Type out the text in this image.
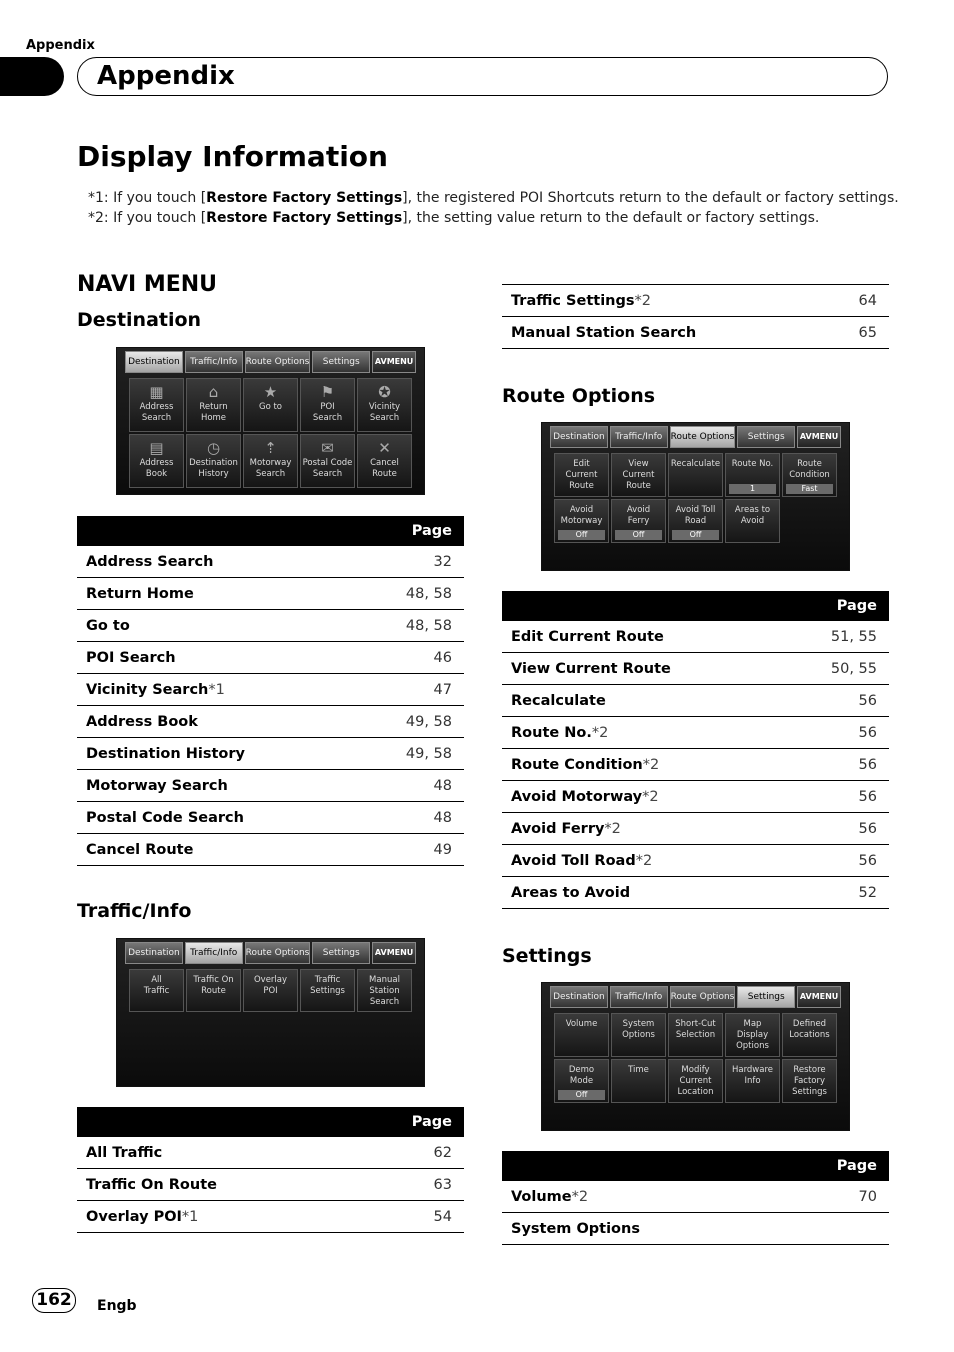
Appendix
Appendix
Display Information
*1: If you touch [Restore Factory Settings], the registered POI Shortcuts return to the default or factory settings.
*2: If you touch [Restore Factory Settings], the setting value return to the default or factory settings.
NAVI MENU
Destination
Destination	Traffic/Info Route Options	Settings	AV MENU
▦
Address
Search
⌂
Return
Home
★
Go to
⚑
POI
Search
✪
Vicinity
Search
▤
Address
Book
◷
Destination
History
⇡
Motorway
Search
✉
Postal Code
Search
✕
Cancel
Route
	Page
Address Search	32
Return Home	48, 58
Go to	48, 58
POI Search	46
Vicinity Search*1	47
Address Book	49, 58
Destination History	49, 58
Motorway Search	48
Postal Code Search	48
Cancel Route	49
Traffic/Info
Destination	Traffic/Info Route Options	Settings	AV MENU
All
Traffic
Traffic On
Route
Overlay
POI
Traffic
Settings
Manual
Station
Search
	Page
All Traffic	62
Traffic On Route	63
Overlay POI*1	54
Traffic Settings*2	64
Manual Station Search	65
Route Options
Destination	Traffic/Info Route Options	Settings	AV MENU
Edit
Current
Route
View
Current
Route
Recalculate Route No.
1
Route
Condition
Fast
Avoid
Motorway
Off
Avoid
Ferry
Off
Avoid Toll
Road
Off
Areas to
Avoid
	Page
Edit Current Route	51, 55
View Current Route	50, 55
Recalculate	56
Route No.*2	56
Route Condition*2	56
Avoid Motorway*2	56
Avoid Ferry*2	56
Avoid Toll Road*2	56
Areas to Avoid	52
Settings
Destination	Traffic/Info Route Options	Settings	AV MENU
Volume	System
Options
Short-Cut
Selection
Map
Display
Options
Defined
Locations
Demo
Mode
Off
Time	Modify
Current
Location
Hardware
Info
Restore
Factory
Settings
	Page
Volume*2	70
System Options	
162	Engb
